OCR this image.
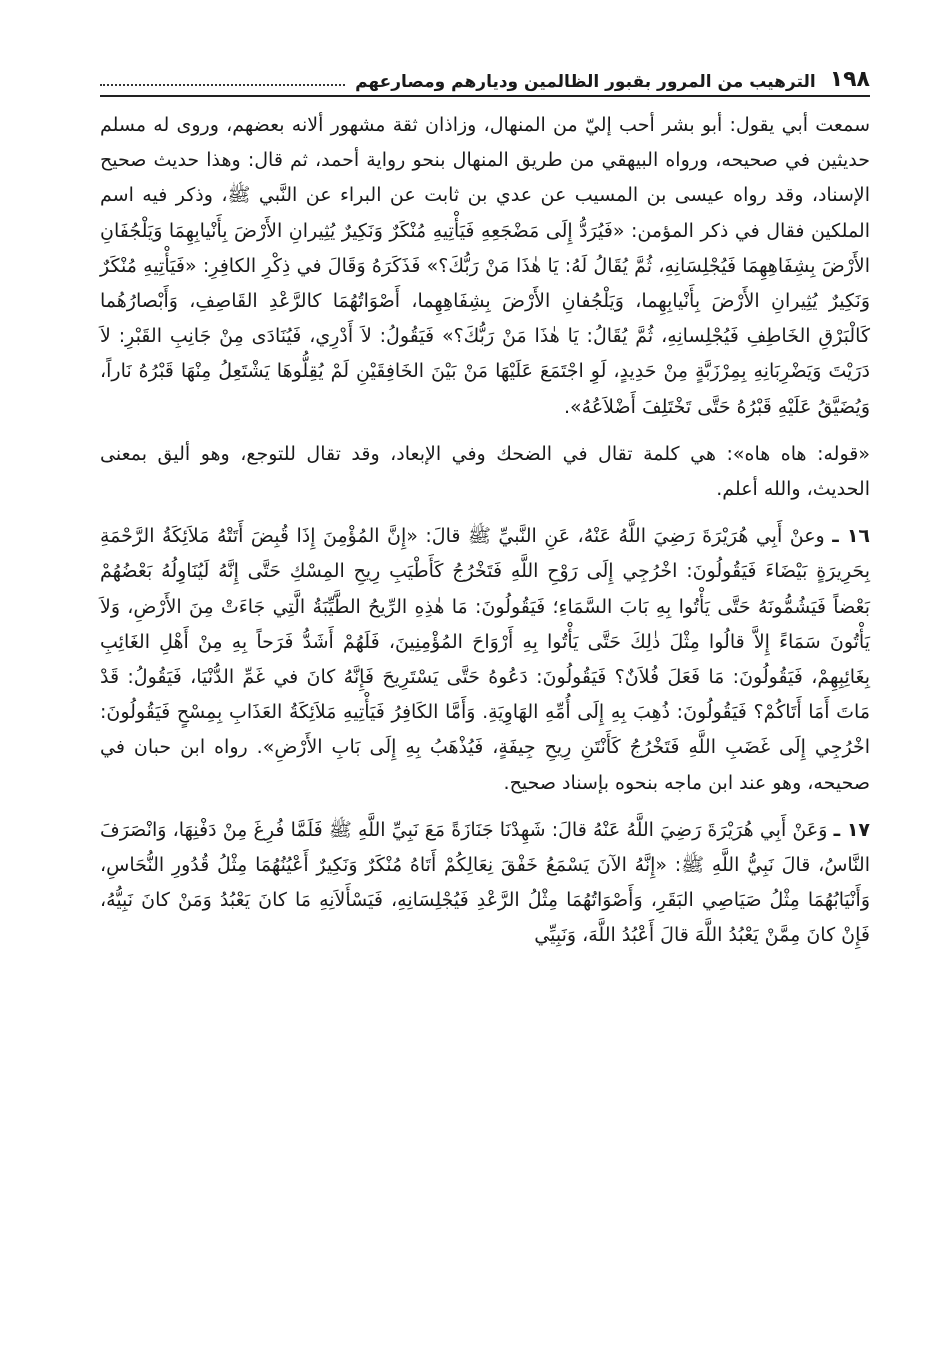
١٩٨
الترهيب من المرور بقبور الظالمين وديارهم ومصارعهم

سمعت أبي يقول: أبو بشر أحب إليّ من المنهال، وزاذان ثقة مشهور ألانه بعضهم، وروى له مسلم حديثين في صحيحه، ورواه البيهقي من طريق المنهال بنحو رواية أحمد، ثم قال: وهذا حديث صحيح الإسناد، وقد رواه عيسى بن المسيب عن عدي بن ثابت عن البراء عن النَّبي ﷺ، وذكر فيه اسم الملكين فقال في ذكر المؤمن: «فَيُرَدُّ إِلَى مَضْجَعِهِ فَيَأْتِيهِ مُنْكَرٌ وَنَكِيرٌ يُثِيرانِ الأَرْضَ بِأَنْيابِهِمَا وَيَلْجُفَانِ الأَرْضَ بِشِفَاهِهِمَا فَيُجْلِسَانِهِ، ثُمَّ يُقَالُ لَهُ: يَا هٰذَا مَنْ رَبُّكَ؟» فَذَكَرَهُ وَقَالَ في ذِكْرِ الكافِرِ: «فَيَأْتِيهِ مُنْكَرٌ وَنَكِيرٌ يُثِيرانِ الأَرْضَ بِأَنْيابِهِما، وَيَلْجُفانِ الأَرْضَ بِشِفَاهِهِما، أَصْوَاتُهُمَا كالرَّعْدِ القَاصِفِ، وَأَبْصارُهُما كَالْبَرْقِ الخَاطِفِ فَيُجْلِسانِهِ، ثُمَّ يُقَالُ: يَا هٰذَا مَنْ رَبُّكَ؟» فَيَقُولُ: لاَ أَدْرِي، فَيُنَادَى مِنْ جَانِبِ القَبْرِ: لاَ دَرَيْتَ وَيَضْرِبَانِهِ بِمِرْزَبَّةٍ مِنْ حَدِيدٍ، لَوِ اجْتَمَعَ عَلَيْهَا مَنْ بَيْنَ الخَافِقَيْنِ لَمْ يُقِلُّوهَا يَشْتَعِلُ مِنْهَا قَبْرُهُ نَاراً، وَيُضَيَّقُ عَلَيْهِ قَبْرُهُ حَتَّى تَخْتَلِفَ أَضْلاَعُهُ».

«قوله: هاه هاه»: هي كلمة تقال في الضحك وفي الإبعاد، وقد تقال للتوجع، وهو أليق بمعنى الحديث، والله أعلم.

١٦ ـ وعنْ أَبِي هُرَيْرَةَ رَضِيَ اللَّهُ عَنْهُ، عَنِ النَّبيِّ ﷺ قالَ: «إِنَّ المُؤْمِنَ إِذَا قُبِضَ أَتَتْهُ مَلاَئِكَةُ الرَّحْمَةِ بِحَرِيرَةٍ بَيْضَاءَ فَيَقُولُونَ: اخْرُجِي إِلَى رَوْحِ اللَّهِ فَتَخْرُجُ كَأَطْيَبِ رِيحِ المِسْكِ حَتَّى إِنَّهُ لَيُنَاوِلُهُ بَعْضُهُمْ بَعْضاً فَيَشُمُّونَهُ حَتَّى يَأْتُوا بِهِ بَابَ السَّمَاءِ؛ فَيَقُولُونَ: مَا هٰذِهِ الرِّيحُ الطَّيِّبَةُ الَّتِي جَاءَتْ مِنَ الأَرْضِ، وَلاَ يَأْتُونَ سَمَاءً إِلاَّ قالُوا مِثْلَ ذٰلِكَ حَتَّى يَأْتُوا بِهِ أَرْوَاحَ المُؤْمِنِينَ، فَلَهُمْ أَشَدُّ فَرَحاً بِهِ مِنْ أَهْلِ الغَائِبِ بِغَائِبِهِمْ، فَيَقُولُونَ: مَا فَعَلَ فُلاَنٌ؟ فَيَقُولُونَ: دَعُوهُ حَتَّى يَسْتَرِيحَ فَإِنَّهُ كانَ في غَمِّ الدُّنْيَا، فَيَقُولُ: قَدْ مَاتَ أَمَا أَتَاكُمْ؟ فَيَقُولُونَ: ذُهِبَ بِهِ إِلَى أُمِّهِ الهَاوِيَةِ. وَأَمَّا الكَافِرُ فَيَأْتِيهِ مَلاَئِكَةُ العَذَابِ بِمِسْحٍ فَيَقُولُونَ: اخْرُجِي إِلَى غَضَبِ اللَّهِ فَتَخْرُجُ كَأَنْتَنِ رِيحِ جِيفَةٍ، فَيُذْهَبُ بِهِ إِلَى بَابِ الأَرْضِ». رواه ابن حبان في صحيحه، وهو عند ابن ماجه بنحوه بإسناد صحيح.

١٧ ـ وَعَنْ أَبِي هُرَيْرَةَ رَضِيَ اللَّهُ عَنْهُ قالَ: شَهِدْنَا جَنَازَةً مَعَ نَبِيِّ اللَّهِ ﷺ فَلَمَّا فُرِغَ مِنْ دَفْنِهَا، وَانْصَرَفَ النَّاسُ، قالَ نَبِيُّ اللَّهِ ﷺ: «إِنَّهُ الآنَ يَسْمَعُ خَفْقَ نِعَالِكُمْ أَتَاهُ مُنْكَرٌ وَنَكِيرٌ أَعْيُنُهُمَا مِثْلُ قُدُورِ النُّحَاسِ، وَأَنْيَابُهُمَا مِثْلُ صَيَاصِي البَقَرِ، وَأَصْوَاتُهُمَا مِثْلُ الرَّعْدِ فَيُجْلِسَانِهِ، فَيَسْأَلاَنِهِ مَا كانَ يَعْبُدُ وَمَنْ كانَ نَبِيُّهُ، فَإِنْ كانَ مِمَّنْ يَعْبُدُ اللَّهَ قالَ أَعْبُدُ اللَّهَ، وَنَبِيِّي
